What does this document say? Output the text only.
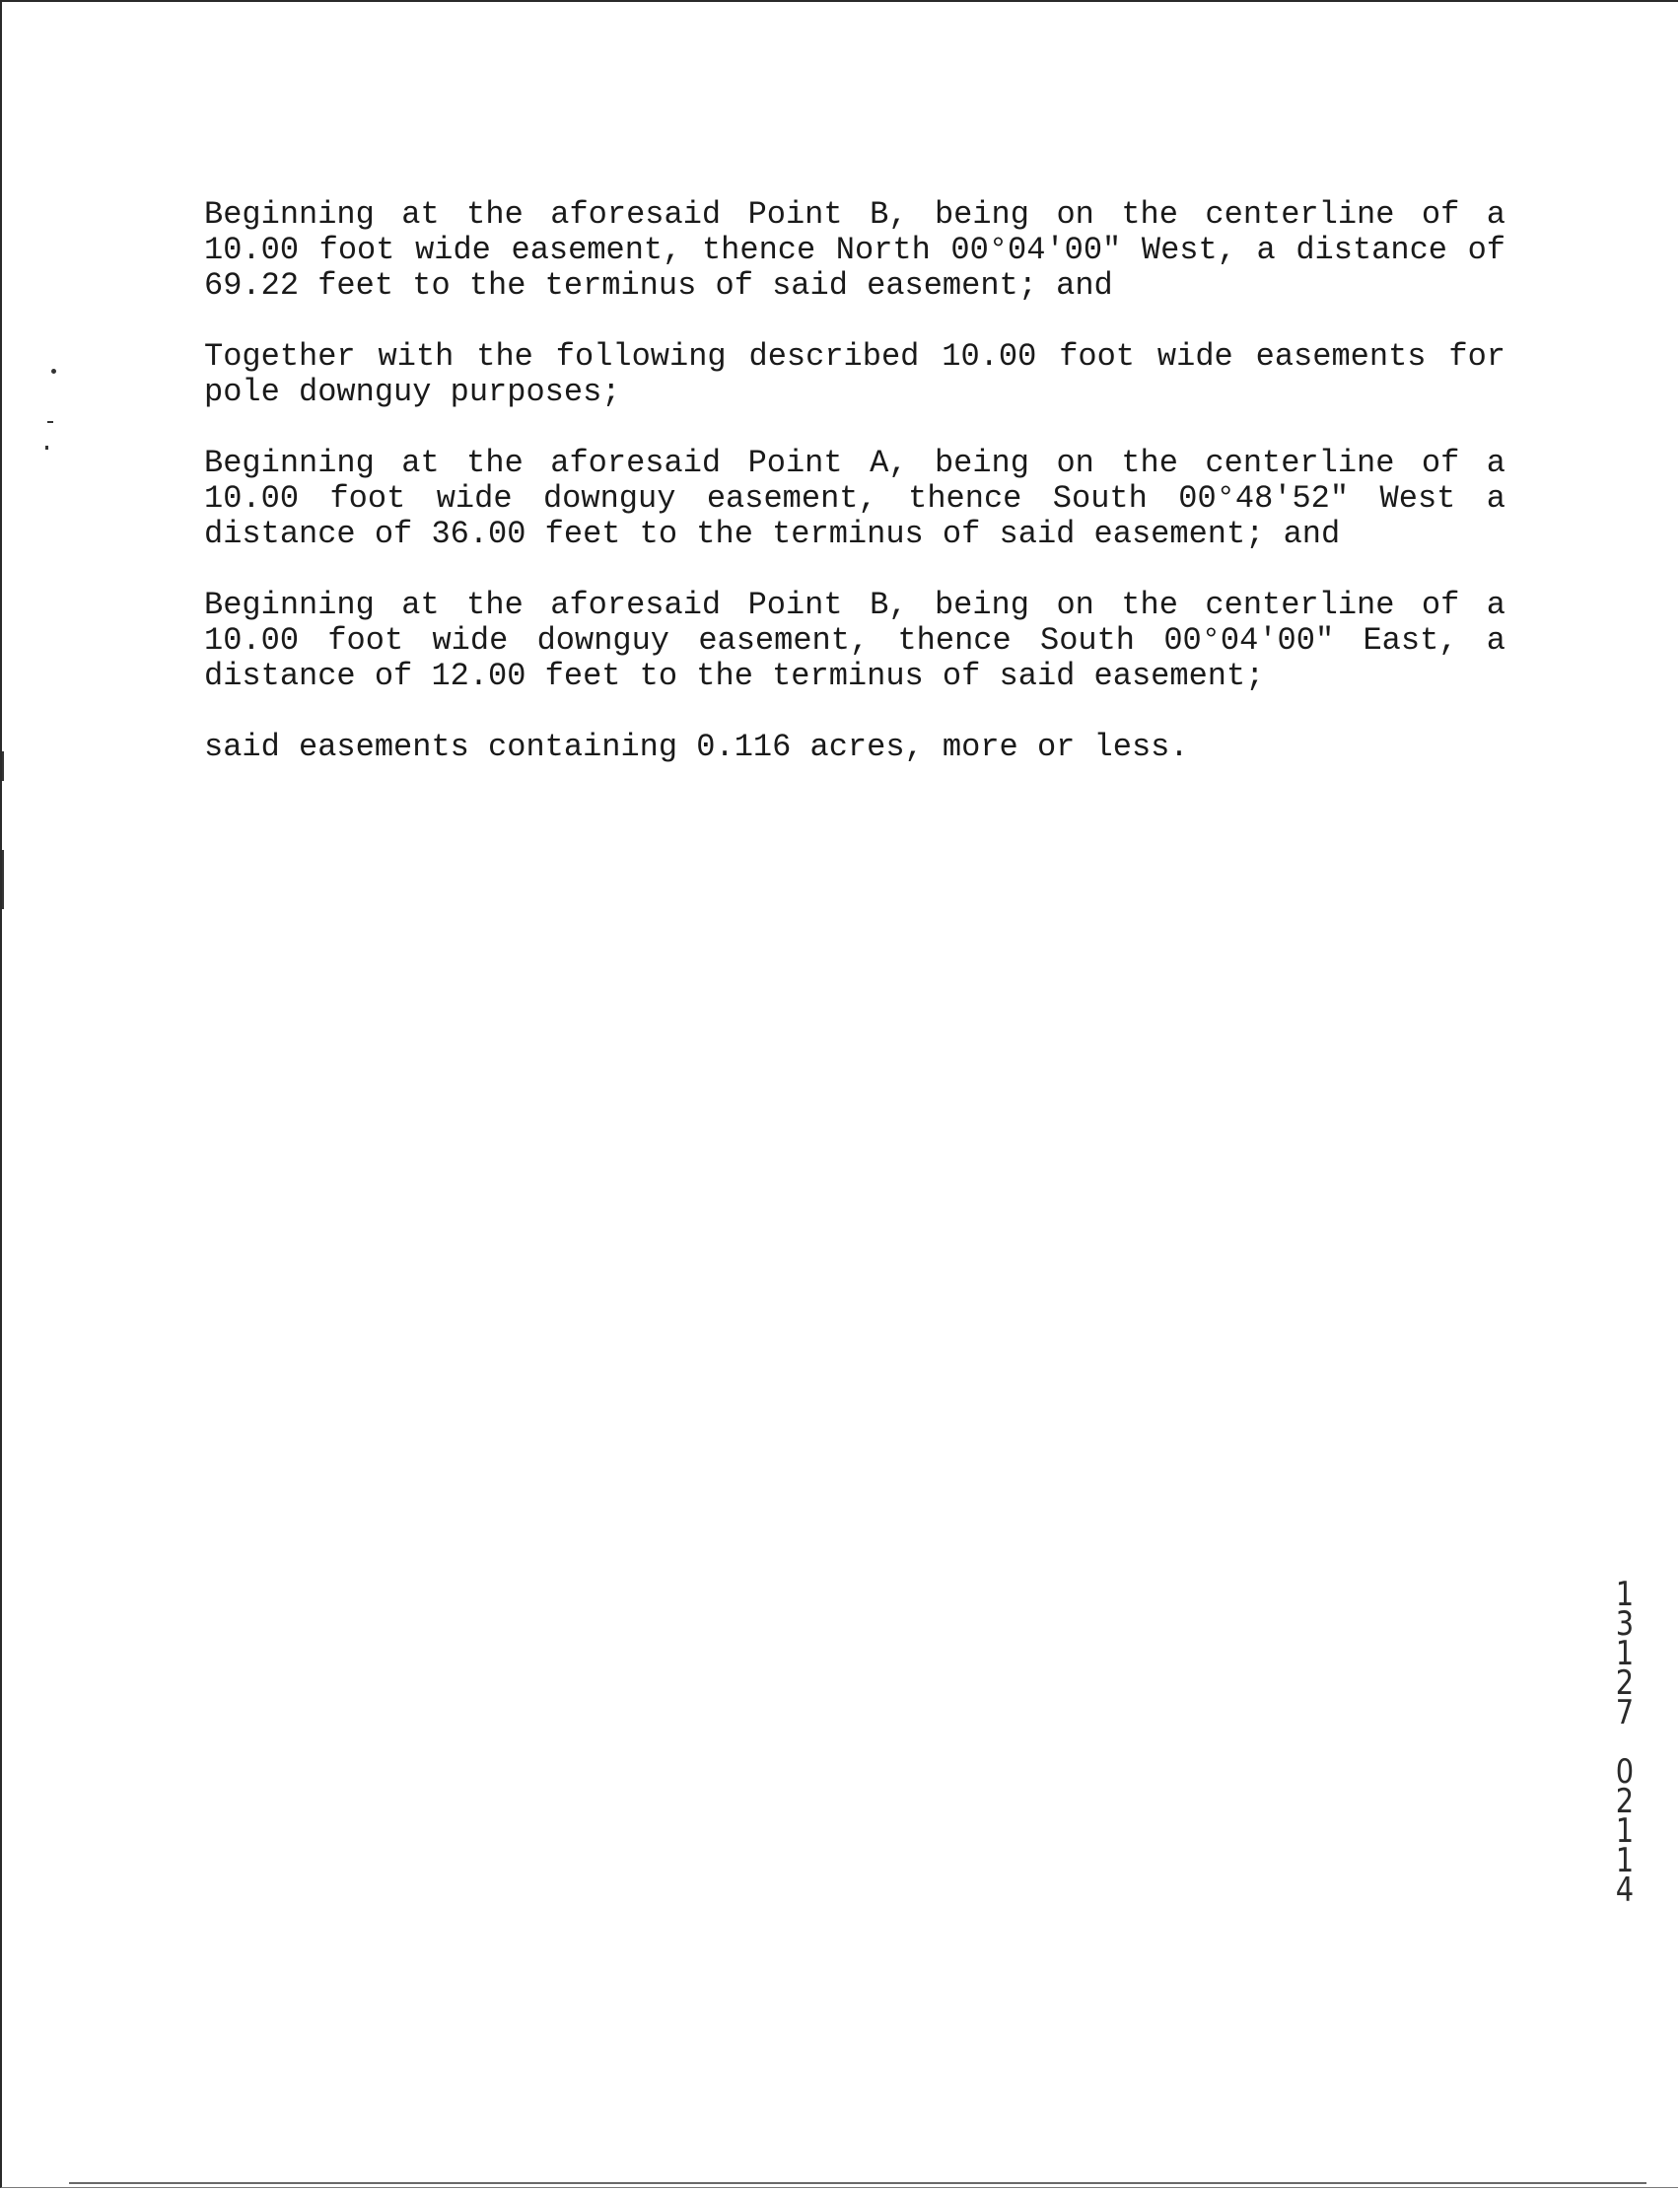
Beginning at the aforesaid Point B, being on the centerline of a 10.00 foot wide easement, thence North 00°04'00" West, a distance of 69.22 feet to the terminus of said easement; and

Together with the following described 10.00 foot wide easements for pole downguy purposes;

Beginning at the aforesaid Point A, being on the centerline of a 10.00 foot wide downguy easement, thence South 00°48'52" West a distance of 36.00 feet to the terminus of said easement; and

Beginning at the aforesaid Point B, being on the centerline of a 10.00 foot wide downguy easement, thence South 00°04'00" East, a distance of 12.00 feet to the terminus of said easement;

said easements containing 0.116 acres, more or less.

1
3
1
2
7
0
2
1
1
4
